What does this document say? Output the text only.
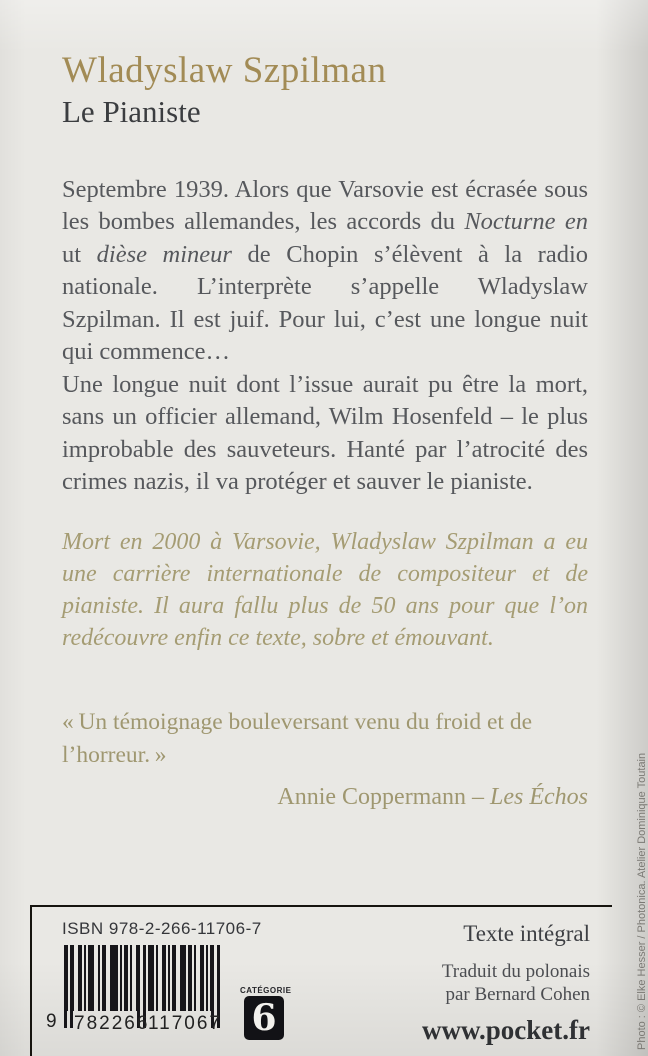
Wladyslaw Szpilman
Le Pianiste

Septembre 1939. Alors que Varsovie est écrasée sous les bombes allemandes, les accords du Nocturne en ut dièse mineur de Chopin s’élèvent à la radio nationale. L’interprète s’appelle Wladyslaw Szpilman. Il est juif. Pour lui, c’est une longue nuit qui commence…

Une longue nuit dont l’issue aurait pu être la mort, sans un officier allemand, Wilm Hosenfeld – le plus improbable des sauveteurs. Hanté par l’atrocité des crimes nazis, il va protéger et sauver le pianiste.

Mort en 2000 à Varsovie, Wladyslaw Szpilman a eu une carrière internationale de compositeur et de pianiste. Il aura fallu plus de 50 ans pour que l’on redécouvre enfin ce texte, sobre et émouvant.

« Un témoignage bouleversant venu du froid et de l’horreur. »

Annie Coppermann – Les Échos

ISBN 978-2-266-11706-7
9 782266
117067
CATÉGORIE
6
Texte intégral
Traduit du polonais
par Bernard Cohen
www.pocket.fr	Photo : © Elke Hesser / Photonica. Atelier Dominique Toutain
